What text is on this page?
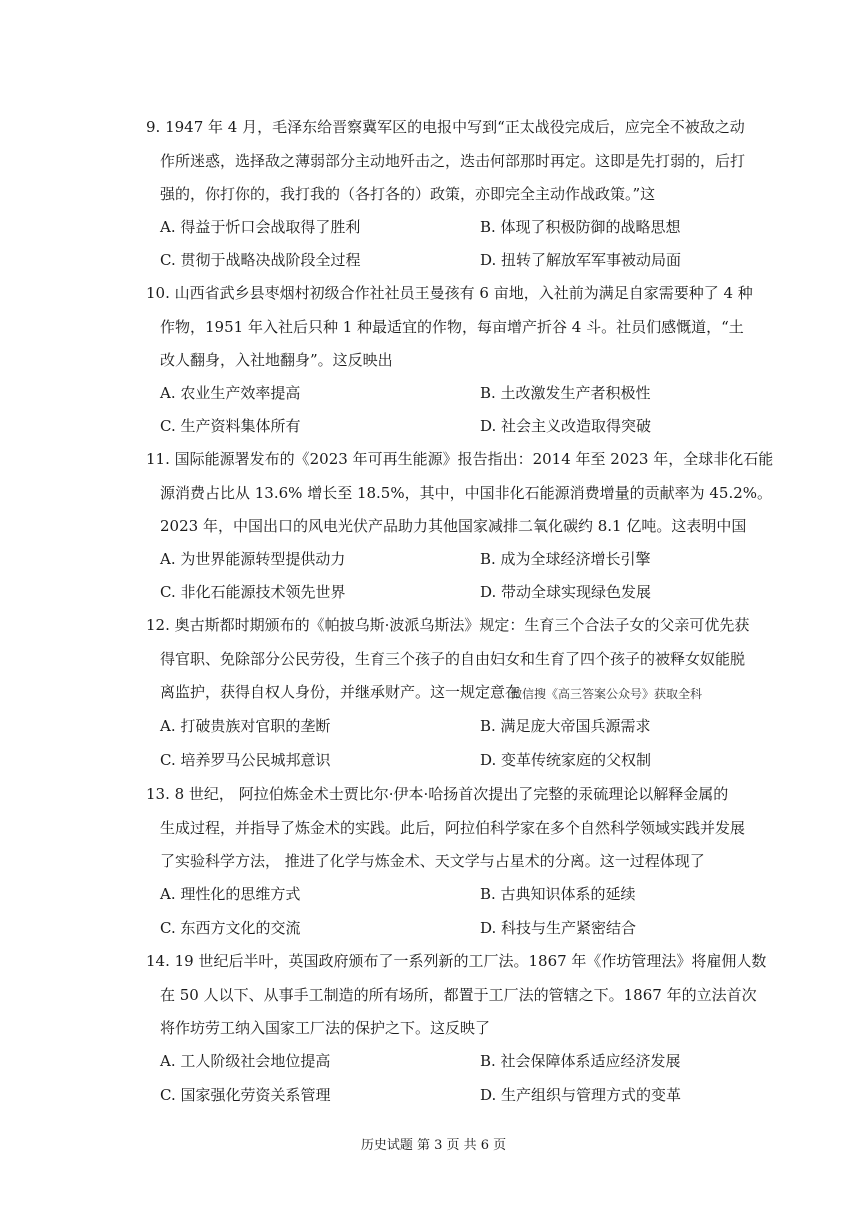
9. 1947 年 4 月，毛泽东给晋察冀军区的电报中写到“正太战役完成后，应完全不被敌之动
作所迷惑，选择敌之薄弱部分主动地歼击之，迭击何部那时再定。这即是先打弱的，后打
强的，你打你的，我打我的（各打各的）政策，亦即完全主动作战政策。”这
A. 得益于忻口会战取得了胜利	B. 体现了积极防御的战略思想
C. 贯彻于战略决战阶段全过程	D. 扭转了解放军军事被动局面
10. 山西省武乡县枣烟村初级合作社社员王曼孩有 6 亩地，入社前为满足自家需要种了 4 种
作物，1951 年入社后只种 1 种最适宜的作物，每亩增产折谷 4 斗。社员们感慨道，“土
改人翻身，入社地翻身”。这反映出
A. 农业生产效率提高	B. 土改激发生产者积极性
C. 生产资料集体所有	D. 社会主义改造取得突破
11. 国际能源署发布的《2023 年可再生能源》报告指出：2014 年至 2023 年，全球非化石能
源消费占比从 13.6% 增长至 18.5%，其中，中国非化石能源消费增量的贡献率为 45.2%。
2023 年，中国出口的风电光伏产品助力其他国家减排二氧化碳约 8.1 亿吨。这表明中国
A. 为世界能源转型提供动力	B. 成为全球经济增长引擎
C. 非化石能源技术领先世界	D. 带动全球实现绿色发展
12. 奥古斯都时期颁布的《帕披乌斯·波派乌斯法》规定：生育三个合法子女的父亲可优先获
得官职、免除部分公民劳役，生育三个孩子的自由妇女和生育了四个孩子的被释女奴能脱
离监护，获得自权人身份，并继承财产。这一规定意在
微信搜《高三答案公众号》获取全科
A. 打破贵族对官职的垄断	B. 满足庞大帝国兵源需求
C. 培养罗马公民城邦意识	D. 变革传统家庭的父权制
13. 8 世纪， 阿拉伯炼金术士贾比尔·伊本·哈扬首次提出了完整的汞硫理论以解释金属的
生成过程，并指导了炼金术的实践。此后，阿拉伯科学家在多个自然科学领域实践并发展
了实验科学方法， 推进了化学与炼金术、天文学与占星术的分离。这一过程体现了
A. 理性化的思维方式	B. 古典知识体系的延续
C. 东西方文化的交流	D. 科技与生产紧密结合
14. 19 世纪后半叶，英国政府颁布了一系列新的工厂法。1867 年《作坊管理法》将雇佣人数
在 50 人以下、从事手工制造的所有场所，都置于工厂法的管辖之下。1867 年的立法首次
将作坊劳工纳入国家工厂法的保护之下。这反映了
A. 工人阶级社会地位提高	B. 社会保障体系适应经济发展
C. 国家强化劳资关系管理	D. 生产组织与管理方式的变革
历史试题 第 3 页 共 6 页
